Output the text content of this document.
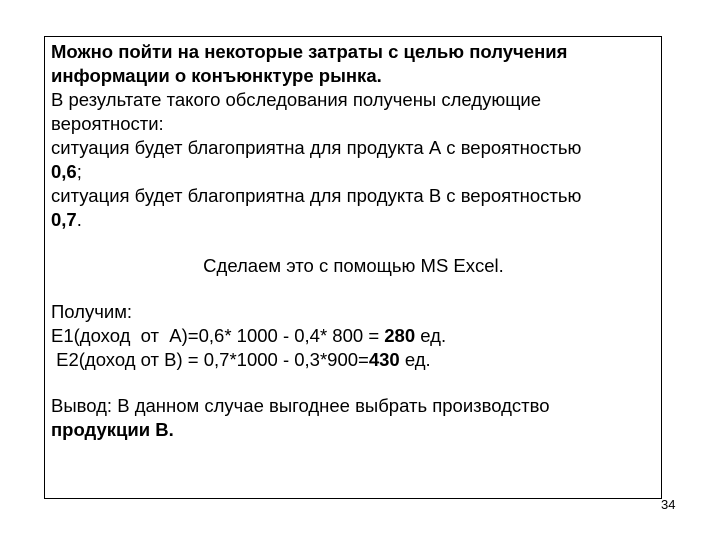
Можно пойти на некоторые затраты с целью получения
информации о конъюнктуре рынка.
В результате такого обследования получены следующие
вероятности:
ситуация будет благоприятна для продукта А с вероятностью
0,6;
ситуация будет благоприятна для продукта В с вероятностью
0,7.
Сделаем это с помощью MS Excel.
Получим:
Е1(доход  от  А)=0,6* 1000 - 0,4* 800 = 280 ед.
Е2(доход от В) = 0,7*1000 - 0,3*900=430 ед.
Вывод: В данном случае выгоднее выбрать производство
продукции В.
34
